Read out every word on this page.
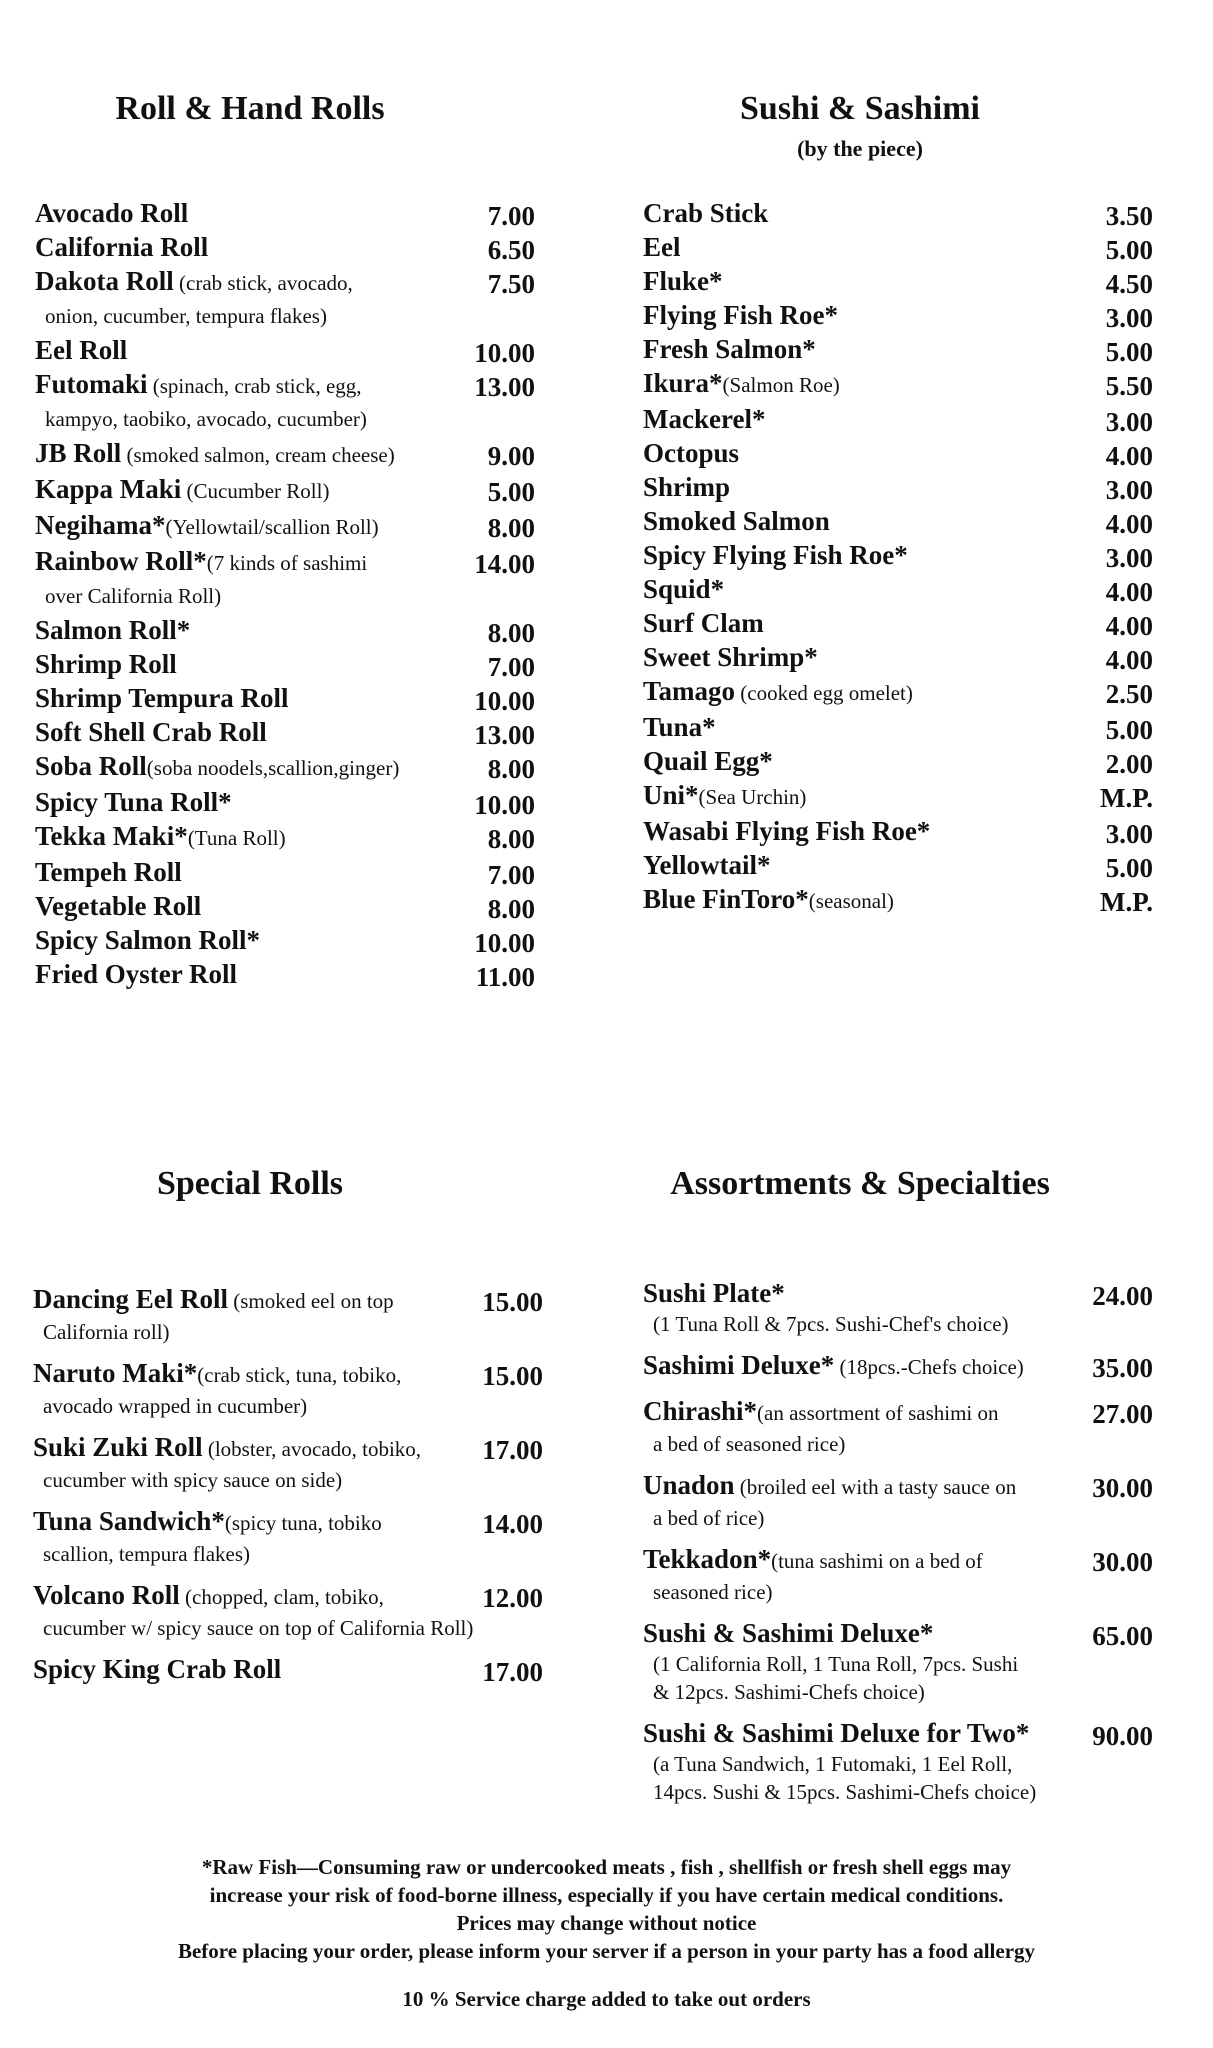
Roll & Hand Rolls	Sushi & Sashimi
(by the piece)
Special Rolls	Assortments & Specialties
Avocado Roll	7.00
California Roll	6.50
Dakota Roll (crab stick, avocado,	7.50
onion, cucumber, tempura flakes)
Eel Roll	10.00
Futomaki (spinach, crab stick, egg,	13.00
kampyo, taobiko, avocado, cucumber)
JB Roll (smoked salmon, cream cheese)	9.00
Kappa Maki (Cucumber Roll)	5.00
Negihama*(Yellowtail/scallion Roll)	8.00
Rainbow Roll*(7 kinds of sashimi	14.00
over California Roll)
Salmon Roll*	8.00
Shrimp Roll	7.00
Shrimp Tempura Roll	10.00
Soft Shell Crab Roll	13.00
Soba Roll(soba noodels,scallion,ginger)	8.00
Spicy Tuna Roll*	10.00
Tekka Maki*(Tuna Roll)	8.00
Tempeh Roll	7.00
Vegetable Roll	8.00
Spicy Salmon Roll*	10.00
Fried Oyster Roll	11.00
Crab Stick	3.50
Eel	5.00
Fluke*	4.50
Flying Fish Roe*	3.00
Fresh Salmon*	5.00
Ikura*(Salmon Roe)	5.50
Mackerel*	3.00
Octopus	4.00
Shrimp	3.00
Smoked Salmon	4.00
Spicy Flying Fish Roe*	3.00
Squid*	4.00
Surf Clam	4.00
Sweet Shrimp*	4.00
Tamago (cooked egg omelet)	2.50
Tuna*	5.00
Quail Egg*	2.00
Uni*(Sea Urchin)	M.P.
Wasabi Flying Fish Roe*	3.00
Yellowtail*	5.00
Blue FinToro*(seasonal)	M.P.
Dancing Eel Roll (smoked eel on top	15.00
California roll)
Naruto Maki*(crab stick, tuna, tobiko,	15.00
avocado wrapped in cucumber)
Suki Zuki Roll (lobster, avocado, tobiko, 17.00
cucumber with spicy sauce on side)
Tuna Sandwich*(spicy tuna, tobiko	14.00
scallion, tempura flakes)
Volcano Roll (chopped, clam, tobiko,	12.00
cucumber w/ spicy sauce on top of California Roll)
Spicy King Crab Roll	17.00
Sushi Plate*	24.00
(1 Tuna Roll & 7pcs. Sushi-Chef's choice)
Sashimi Deluxe* (18pcs.-Chefs choice)	35.00
Chirashi*(an assortment of sashimi on	27.00
a bed of seasoned rice)
Unadon (broiled eel with a tasty sauce on	30.00
a bed of rice)
Tekkadon*(tuna sashimi on a bed of	30.00
seasoned rice)
Sushi & Sashimi Deluxe*	65.00
(1 California Roll, 1 Tuna Roll, 7pcs. Sushi
& 12pcs. Sashimi-Chefs choice)
Sushi & Sashimi Deluxe for Two* 90.00
(a Tuna Sandwich, 1 Futomaki, 1 Eel Roll,
14pcs. Sushi & 15pcs. Sashimi-Chefs choice)
*Raw Fish—Consuming raw or undercooked meats , fish , shellfish or fresh shell eggs may
increase your risk of food-borne illness, especially if you have certain medical conditions.
Prices may change without notice
Before placing your order, please inform your server if a person in your party has a food allergy
10 % Service charge added to take out orders
